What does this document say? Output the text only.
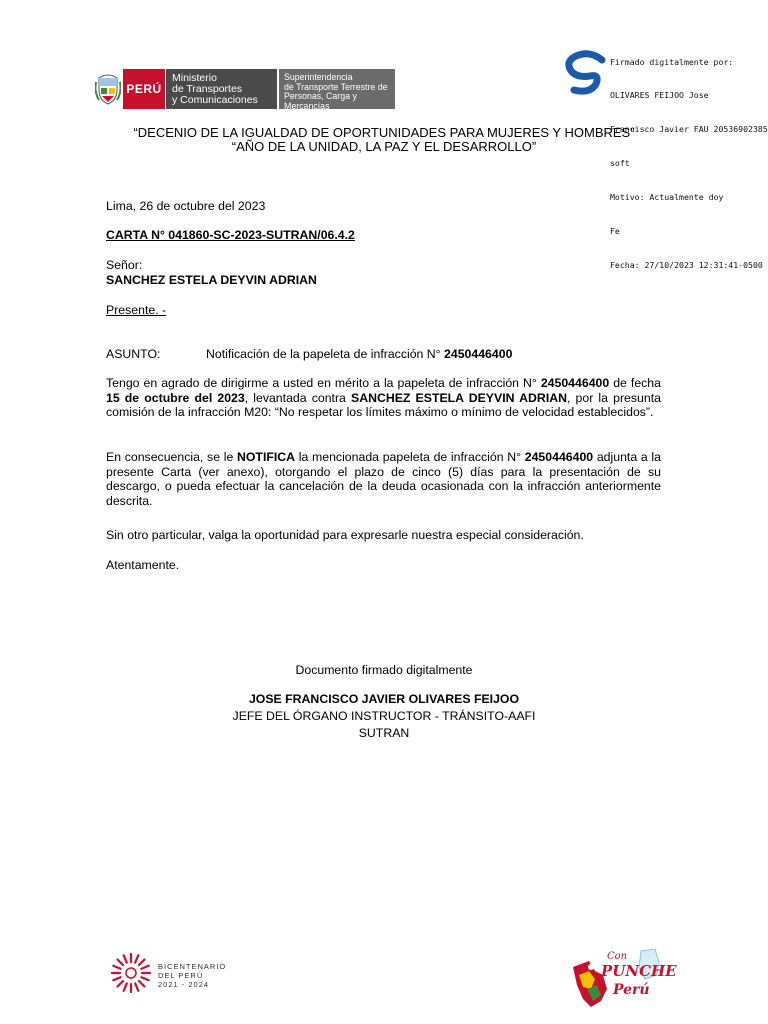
PERÚ
Ministerio
de Transportes
y Comunicaciones
Superintendencia
de Transporte Terrestre de
Personas, Carga y Mercancías

Firmado digitalmente por:

OLIVARES FEIJOO Jose

Francisco Javier FAU 20536902385

soft

Motivo: Actualmente doy

Fe

Fecha: 27/10/2023 12:31:41-0500

“DECENIO DE LA IGUALDAD DE OPORTUNIDADES PARA MUJERES Y HOMBRES”
“AÑO DE LA UNIDAD, LA PAZ Y EL DESARROLLO”
Lima, 26 de octubre del 2023
CARTA N° 041860-SC-2023-SUTRAN/06.4.2
Señor:
SANCHEZ ESTELA DEYVIN ADRIAN
Presente. -
ASUNTO:	Notificación de la papeleta de infracción N° 2450446400
Tengo en agrado de dirigirme a usted en mérito a la papeleta de infracción N° 2450446400 de fecha 15 de octubre del 2023, levantada contra SANCHEZ ESTELA DEYVIN ADRIAN, por la presunta comisión de la infracción M20: “No respetar los límites máximo o mínimo de velocidad establecidos”.
En consecuencia, se le NOTIFICA la mencionada papeleta de infracción N° 2450446400 adjunta a la presente Carta (ver anexo), otorgando el plazo de cinco (5) días para la presentación de su descargo, o pueda efectuar la cancelación de la deuda ocasionada con la infracción anteriormente descrita.
Sin otro particular, valga la oportunidad para expresarle nuestra especial consideración.
Atentamente.
Documento firmado digitalmente
JOSE FRANCISCO JAVIER OLIVARES FEIJOO
JEFE DEL ÓRGANO INSTRUCTOR - TRÁNSITO-AAFI
SUTRAN
BICENTENARIO
DEL PERÚ
2021 - 2024
Con
PUNCHE
Perú
